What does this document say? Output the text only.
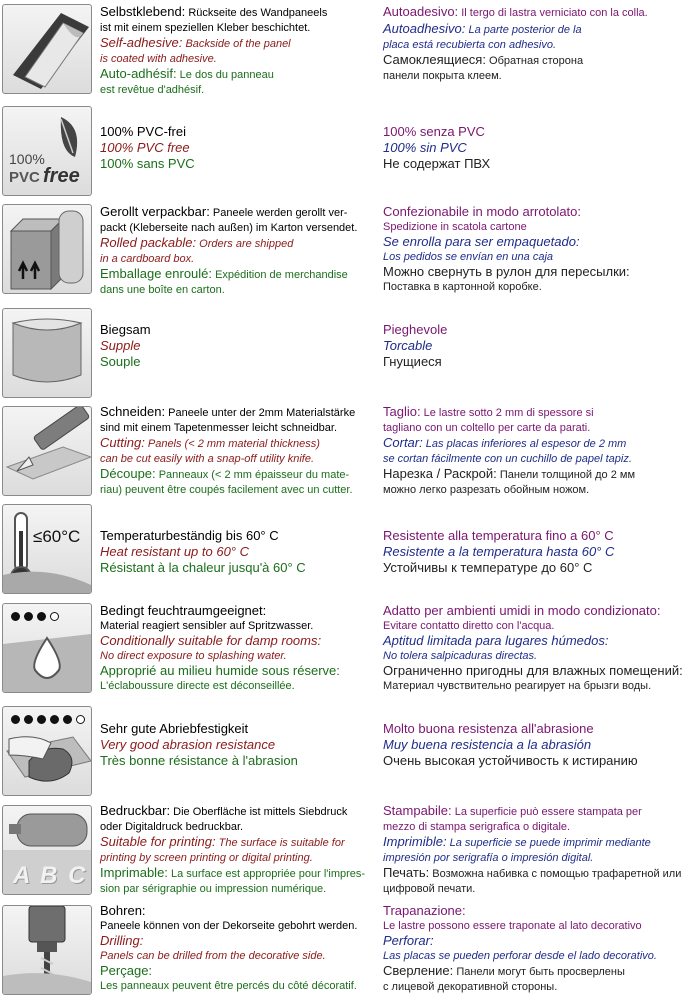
Selbstklebend: Rückseite des Wandpaneels
ist mit einem speziellen Kleber beschichtet.
Self-adhesive: Backside of the panel
is coated with adhesive.
Auto-adhésif: Le dos du panneau
est revêtue d'adhésif.
Autoadesivo: Il tergo di lastra verniciato con la colla.
Autoadhesivo: La parte posterior de la
placa está recubierta con adhesivo.
Самоклеящиеся: Обратная сторона
панели покрыта клеем.
100%
PVC free
100% PVC-frei
100% PVC free
100% sans PVC
100% senza PVC
100% sin PVC
Не содержат ПВХ
Gerollt verpackbar: Paneele werden gerollt ver-
packt (Kleberseite nach außen) im Karton versendet.
Rolled packable: Orders are shipped
in a cardboard box.
Emballage enroulé: Expédition de merchandise
dans une boîte en carton.
Confezionabile in modo arrotolato:
Spedizione in scatola cartone
Se enrolla para ser empaquetado:
Los pedidos se envían en una caja
Можно свернуть в рулон для пересылки:
Поставка в картонной коробке.
Biegsam
Supple
Souple
Pieghevole
Torcable
Гнущиеся
Schneiden: Paneele unter der 2mm Materialstärke
sind mit einem Tapetenmesser leicht schneidbar.
Cutting: Panels (< 2 mm material thickness)
can be cut easily with a snap-off utility knife.
Découpe: Panneaux (< 2 mm épaisseur du mate-
riau) peuvent être coupés facilement avec un cutter.
Taglio: Le lastre sotto 2 mm di spessore si
tagliano con un coltello per carte da parati.
Cortar: Las placas inferiores al espesor de 2 mm
se cortan fácilmente con un cuchillo de papel tapiz.
Нарезка / Раскрой: Панели толщиной до 2 мм
можно легко разрезать обойным ножом.
≤60°C Temperaturbeständig bis 60° C
Heat resistant up to 60° C
Résistant à la chaleur jusqu'à 60° C
Resistente alla temperatura fino a 60° C
Resistente a la temperatura hasta 60° C
Устойчивы к температуре до 60° C
Bedingt feuchtraumgeeignet:
Material reagiert sensibler auf Spritzwasser.
Conditionally suitable for damp rooms:
No direct exposure to splashing water.
Approprié au milieu humide sous réserve:
L'éclaboussure directe est déconseillée.
Adatto per ambienti umidi in modo condizionato:
Evitare contatto diretto con l'acqua.
Aptitud limitada para lugares húmedos:
No tolera salpicaduras directas.
Ограниченно пригодны для влажных помещений:
Материал чувствительно реагирует на брызги воды.
Sehr gute Abriebfestigkeit
Very good abrasion resistance
Très bonne résistance à l'abrasion
Molto buona resistenza all'abrasione
Muy buena resistencia a la abrasión
Очень высокая устойчивость к истиранию
A B C
Bedruckbar: Die Oberfläche ist mittels Siebdruck
oder Digitaldruck bedruckbar.
Suitable for printing: The surface is suitable for
printing by screen printing or digital printing.
Imprimable: La surface est appropriée pour l'impres-
sion par sérigraphie ou impression numérique.
Stampabile: La superficie può essere stampata per
mezzo di stampa serigrafica o digitale.
Imprimible: La superficie se puede imprimir mediante
impresión por serigrafía o impresión digital.
Печать: Возможна набивка с помощью трафаретной или
цифровой печати.
Bohren:
Paneele können von der Dekorseite gebohrt werden.
Drilling:
Panels can be drilled from the decorative side.
Perçage:
Les panneaux peuvent être percés du côté décoratif.
Trapanazione:
Le lastre possono essere traponate al lato decorativo
Perforar:
Las placas se pueden perforar desde el lado decorativo.
Сверление: Панели могут быть просверлены
с лицевой декоративной стороны.
